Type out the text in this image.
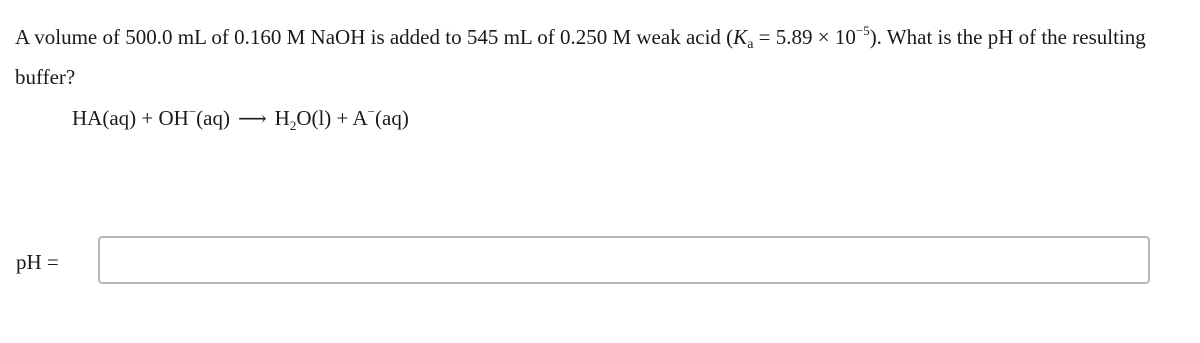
A volume of 500.0 mL of 0.160 M NaOH is added to 545 mL of 0.250 M weak acid $(K_a = 5.89 \times 10^{-5})$. What is the pH of the resulting buffer?
HA(aq) + OH−(aq) ⟶ $H_2O(l) + A^-(aq)$
pH =
